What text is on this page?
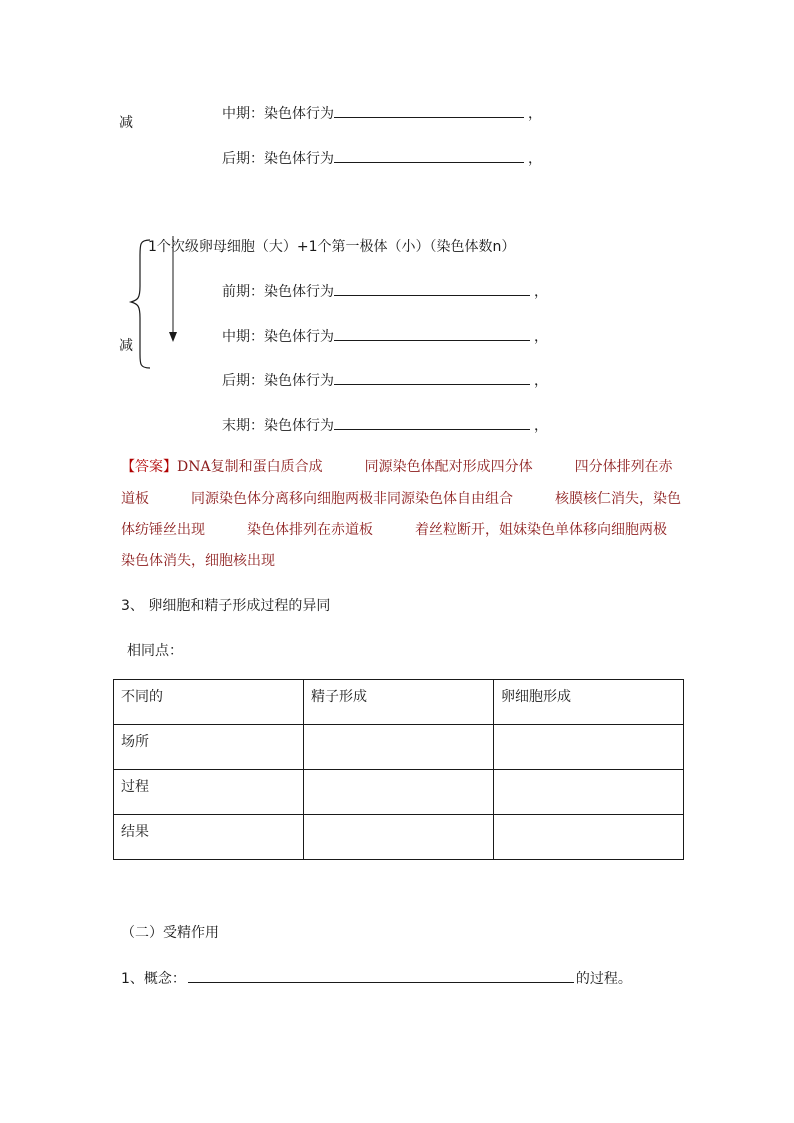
减
中期：染色体行为	，
后期：染色体行为	，
1个次级卵母细胞（大）+1个第一极体（小）（染色体数n）
减
前期：染色体行为	，
中期：染色体行为	，
后期：染色体行为	，
末期：染色体行为	，
【答案】DNA复制和蛋白质合成　　　同源染色体配对形成四分体　　　四分体排列在赤
道板　　　同源染色体分离移向细胞两极非同源染色体自由组合　　　核膜核仁消失，染色
体纺锤丝出现　　　染色体排列在赤道板　　　着丝粒断开，姐妹染色单体移向细胞两极
染色体消失，细胞核出现
3、 卵细胞和精子形成过程的异同
相同点：
不同的	精子形成	卵细胞形成
场所		
过程		
结果		
（二）受精作用
1、概念：	的过程。
